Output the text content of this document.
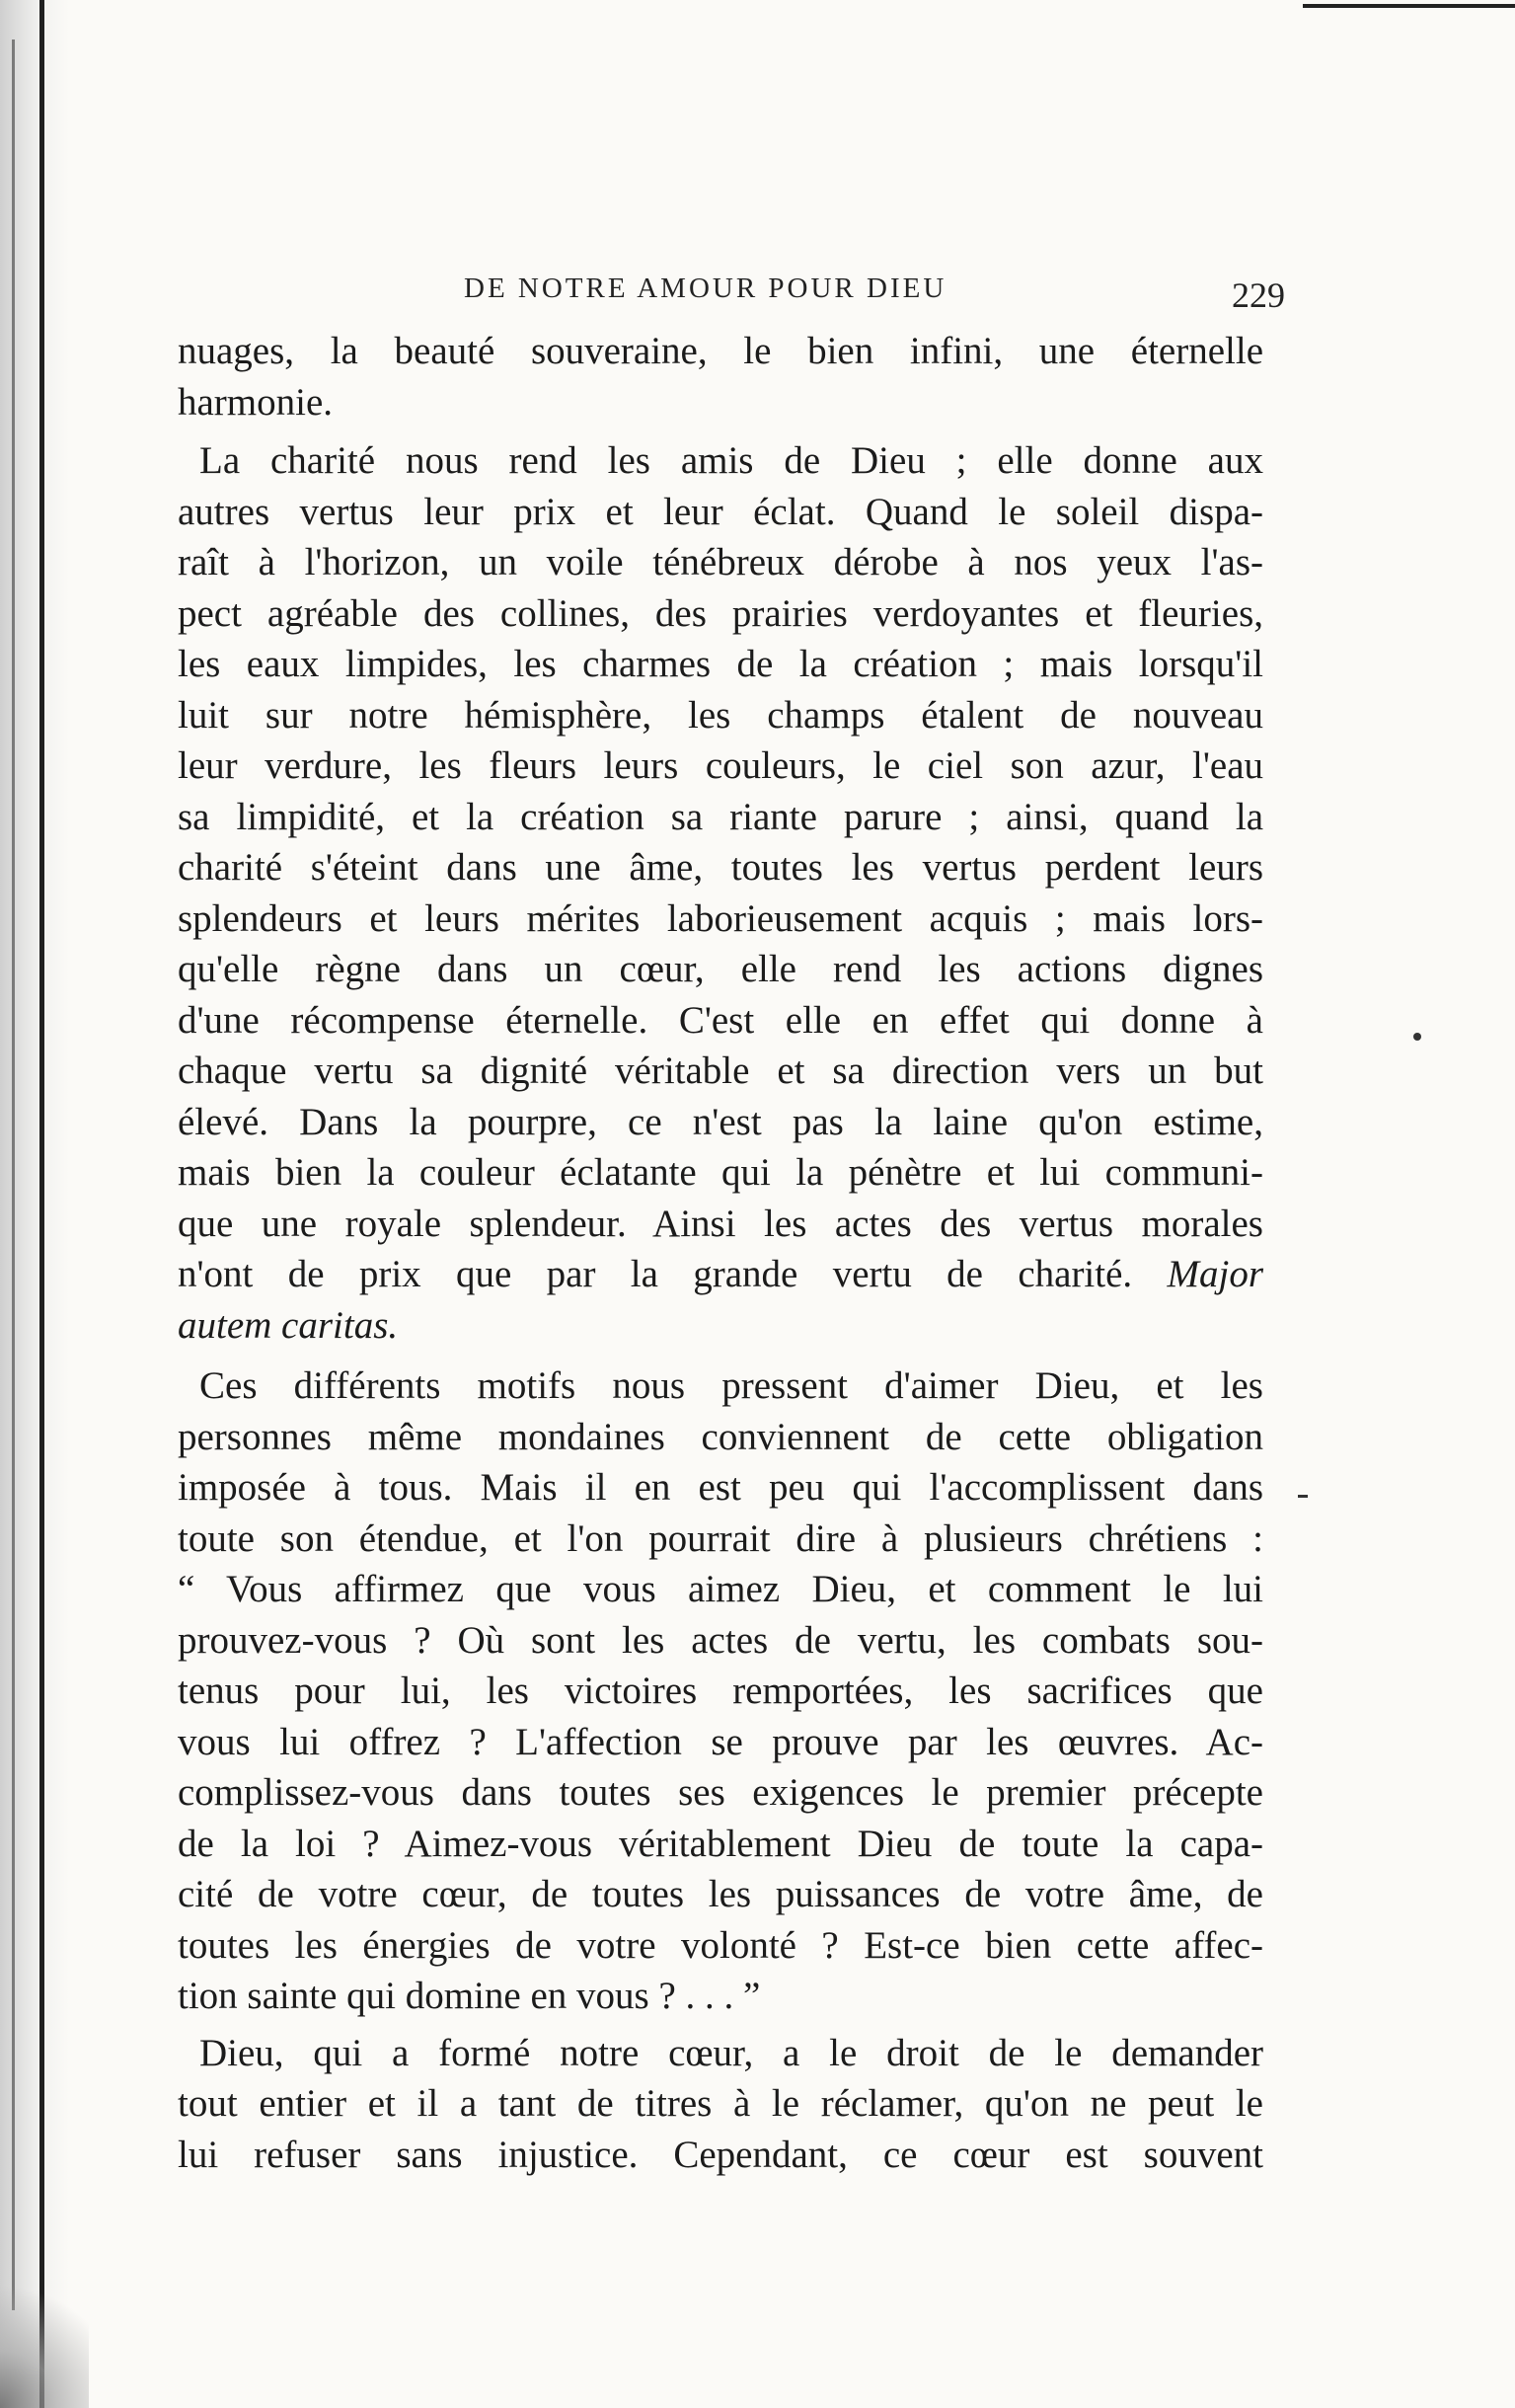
DE NOTRE AMOUR POUR DIEU	229
nuages, la beauté souveraine, le bien infini, une éternelle
harmonie.
La charité nous rend les amis de Dieu ; elle donne aux
autres vertus leur prix et leur éclat. Quand le soleil dispa-
raît à l'horizon, un voile ténébreux dérobe à nos yeux l'as-
pect agréable des collines, des prairies verdoyantes et fleuries,
les eaux limpides, les charmes de la création ; mais lorsqu'il
luit sur notre hémisphère, les champs étalent de nouveau
leur verdure, les fleurs leurs couleurs, le ciel son azur, l'eau
sa limpidité, et la création sa riante parure ; ainsi, quand la
charité s'éteint dans une âme, toutes les vertus perdent leurs
splendeurs et leurs mérites laborieusement acquis ; mais lors-
qu'elle règne dans un cœur, elle rend les actions dignes
d'une récompense éternelle. C'est elle en effet qui donne à
chaque vertu sa dignité véritable et sa direction vers un but
élevé. Dans la pourpre, ce n'est pas la laine qu'on estime,
mais bien la couleur éclatante qui la pénètre et lui communi-
que une royale splendeur. Ainsi les actes des vertus morales
n'ont de prix que par la grande vertu de charité. Major
autem caritas.
Ces différents motifs nous pressent d'aimer Dieu, et les
personnes même mondaines conviennent de cette obligation
imposée à tous. Mais il en est peu qui l'accomplissent dans
toute son étendue, et l'on pourrait dire à plusieurs chrétiens :
“ Vous affirmez que vous aimez Dieu, et comment le lui
prouvez-vous ? Où sont les actes de vertu, les combats sou-
tenus pour lui, les victoires remportées, les sacrifices que
vous lui offrez ? L'affection se prouve par les œuvres. Ac-
complissez-vous dans toutes ses exigences le premier précepte
de la loi ? Aimez-vous véritablement Dieu de toute la capa-
cité de votre cœur, de toutes les puissances de votre âme, de
toutes les énergies de votre volonté ? Est-ce bien cette affec-
tion sainte qui domine en vous ? . . . ”
Dieu, qui a formé notre cœur, a le droit de le demander
tout entier et il a tant de titres à le réclamer, qu'on ne peut le
lui refuser sans injustice. Cependant, ce cœur est souvent
